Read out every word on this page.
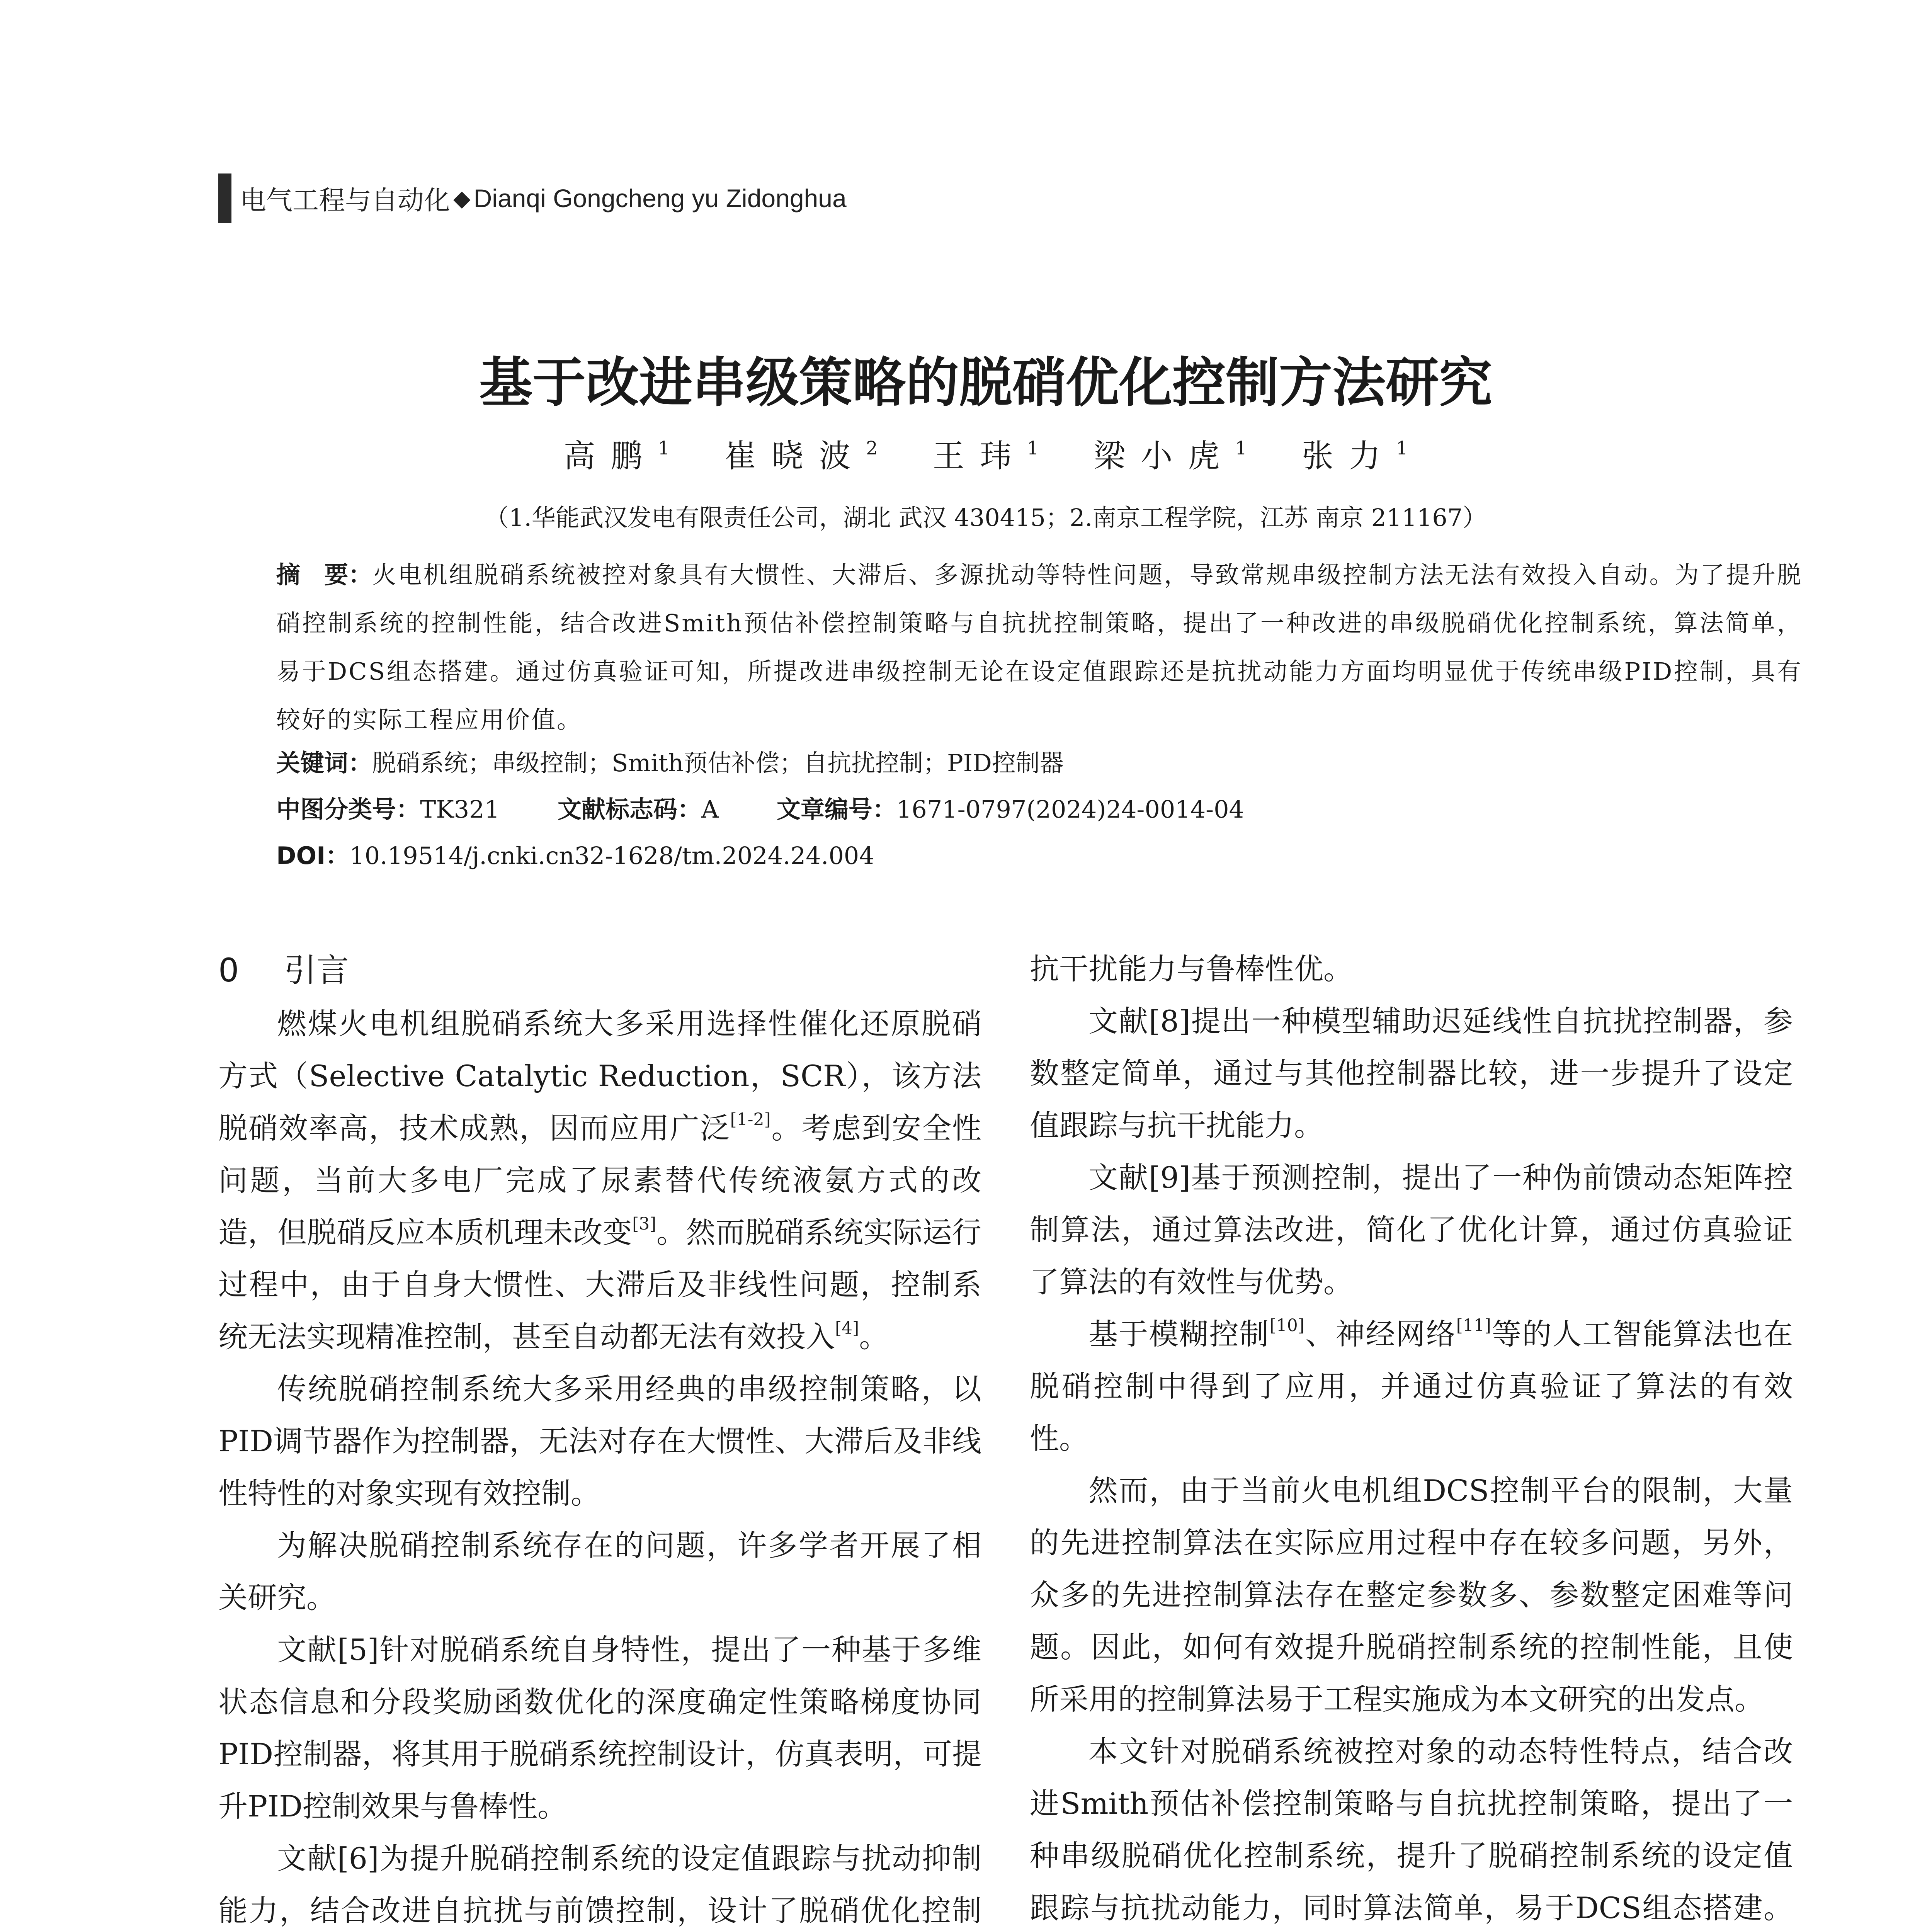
电气工程与自动化 ◆ Dianqi Gongcheng yu Zidonghua
基于改进串级策略的脱硝优化控制方法研究
高鹏$^1$ 崔晓波$^2$ 王玮$^1$ 梁小虎$^1$ 张力$^1$
（1.华能武汉发电有限责任公司，湖北 武汉 430415；2.南京工程学院，江苏 南京 211167）
摘　要：火电机组脱硝系统被控对象具有大惯性、大滞后、多源扰动等特性问题，导致常规串级控制方法无法有效投入自动。为了提升脱硝控制系统的控制性能，结合改进Smith预估补偿控制策略与自抗扰控制策略，提出了一种改进的串级脱硝优化控制系统，算法简单，易于DCS组态搭建。通过仿真验证可知，所提改进串级控制无论在设定值跟踪还是抗扰动能力方面均明显优于传统串级PID控制，具有较好的实际工程应用价值。
关键词：脱硝系统；串级控制；Smith预估补偿；自抗扰控制；PID控制器
中图分类号：TK321 文献标志码：A 文章编号：1671-0797(2024)24-0014-04
DOI：10.19514/j.cnki.cn32-1628/tm.2024.24.004
0 引言

燃煤火电机组脱硝系统大多采用选择性催化还原脱硝方式（Selective Catalytic Reduction，SCR），该方法脱硝效率高，技术成熟，因而应用广泛[1-2]。考虑到安全性问题，当前大多电厂完成了尿素替代传统液氨方式的改造，但脱硝反应本质机理未改变[3]。然而脱硝系统实际运行过程中，由于自身大惯性、大滞后及非线性问题，控制系统无法实现精准控制，甚至自动都无法有效投入[4]。

传统脱硝控制系统大多采用经典的串级控制策略，以PID调节器作为控制器，无法对存在大惯性、大滞后及非线性特性的对象实现有效控制。

为解决脱硝控制系统存在的问题，许多学者开展了相关研究。

文献[5]针对脱硝系统自身特性，提出了一种基于多维状态信息和分段奖励函数优化的深度确定性策略梯度协同PID控制器，将其用于脱硝系统控制设计，仿真表明，可提升PID控制效果与鲁棒性。

文献[6]为提升脱硝控制系统的设定值跟踪与扰动抑制能力，结合改进自抗扰与前馈控制，设计了脱硝优化控制

抗干扰能力与鲁棒性优。

文献[8]提出一种模型辅助迟延线性自抗扰控制器，参数整定简单，通过与其他控制器比较，进一步提升了设定值跟踪与抗干扰能力。

文献[9]基于预测控制，提出了一种伪前馈动态矩阵控制算法，通过算法改进，简化了优化计算，通过仿真验证了算法的有效性与优势。

基于模糊控制[10]、神经网络[11]等的人工智能算法也在脱硝控制中得到了应用，并通过仿真验证了算法的有效性。

然而，由于当前火电机组DCS控制平台的限制，大量的先进控制算法在实际应用过程中存在较多问题，另外，众多的先进控制算法存在整定参数多、参数整定困难等问题。因此，如何有效提升脱硝控制系统的控制性能，且使所采用的控制算法易于工程实施成为本文研究的出发点。

本文针对脱硝系统被控对象的动态特性特点，结合改进Smith预估补偿控制策略与自抗扰控制策略，提出了一种串级脱硝优化控制系统，提升了脱硝控制系统的设定值跟踪与抗扰动能力，同时算法简单，易于DCS组态搭建。
